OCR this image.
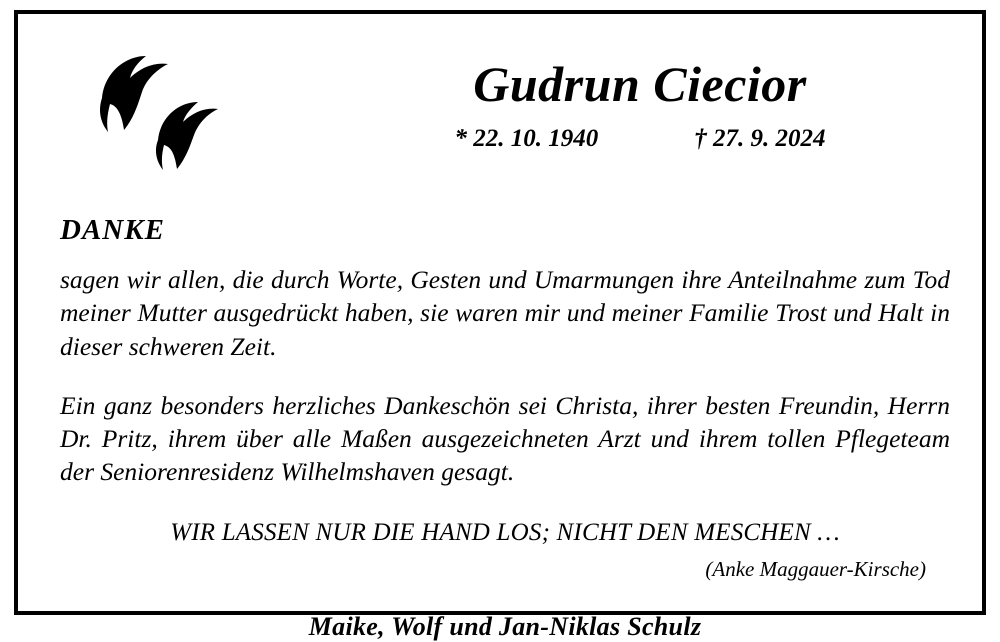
Gudrun Ciecior
* 22. 10. 1940	† 27. 9. 2024
DANKE

sagen wir allen, die durch Worte, Gesten und Umarmungen ihre Anteilnahme zum Tod meiner Mutter ausgedrückt haben, sie waren mir und meiner Familie Trost und Halt in dieser schweren Zeit.

Ein ganz besonders herzliches Dankeschön sei Christa, ihrer besten Freundin, Herrn Dr. Pritz, ihrem über alle Maßen ausgezeichneten Arzt und ihrem tollen Pflegeteam der Seniorenresidenz Wilhelmshaven gesagt.

WIR LASSEN NUR DIE HAND LOS; NICHT DEN MESCHEN …
(Anke Maggauer-Kirsche)
Maike, Wolf und Jan-Niklas Schulz
